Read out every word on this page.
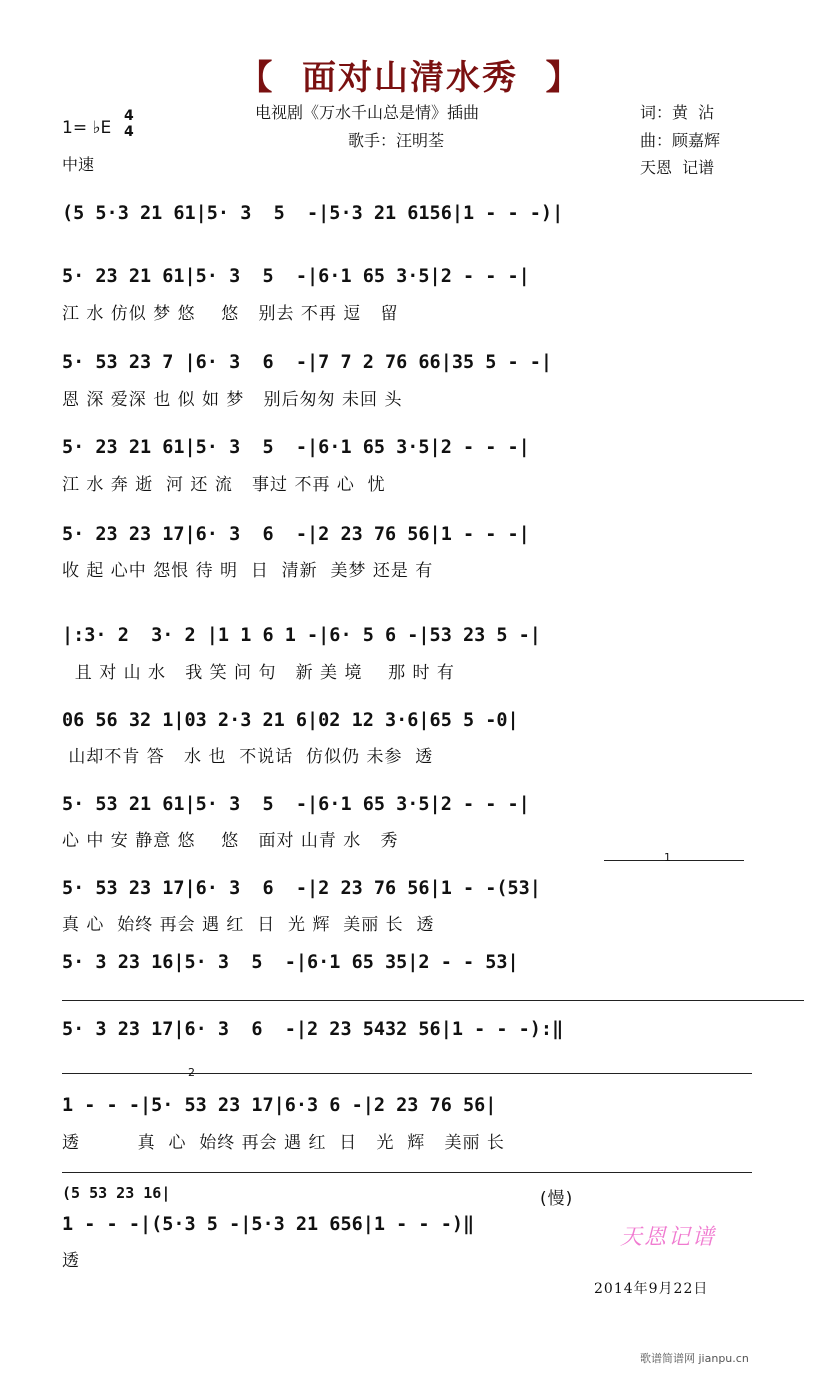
【  面对山清水秀  】
电视剧《万水千山总是情》插曲
歌手：汪明荃
词：黄  沾
曲：顾嘉辉
天恩  记谱
1= ♭E
4
4
中速
(5 5·3 21 61|5· 3  5  -|5·3 21 6156|1 - - -)|
5· 23 21 61|5· 3  5  -|6·1 65 3·5|2 - - -|
江 水 仿似 梦 悠    悠   别去 不再 逗   留
5· 53 23 7 |6· 3  6  -|7 7 2 76 66|35 5 - -|
恩 深 爱深 也 似 如 梦   别后匆匆 未回 头
5· 23 21 61|5· 3  5  -|6·1 65 3·5|2 - - -|
江 水 奔 逝  河 还 流   事过 不再 心  忧
5· 23 23 17|6· 3  6  -|2 23 76 56|1 - - -|
收 起 心中 怨恨 待 明  日  清新  美梦 还是 有
|:3· 2  3· 2 |1 1 6 1 -|6· 5 6 -|53 23 5 -|
且 对 山 水   我 笑 问 句   新 美 境    那 时 有
06 56 32 1|03 2·3 21 6|02 12 3·6|65 5 -0|
山却不肯 答   水 也  不说话  仿似仍 未参  透
5· 53 21 61|5· 3  5  -|6·1 65 3·5|2 - - -|
心 中 安 静意 悠    悠   面对 山青 水   秀
1
5· 53 23 17|6· 3  6  -|2 23 76 56|1 - -(53|
真 心  始终 再会 遇 红  日  光 辉  美丽 长  透
5· 3 23 16|5· 3  5  -|6·1 65 35|2 - - 53|
5· 3 23 17|6· 3  6  -|2 23 5432 56|1 - - -):‖
2
1 - - -|5· 53 23 17|6·3 6 -|2 23 76 56|
透         真  心  始终 再会 遇 红  日   光  辉   美丽 长
(5 53 23 16|	(慢)
1 - - -|(5·3 5 -|5·3 21 656|1 - - -)‖
透
天恩记谱
2014年9月22日
歌谱简谱网 jianpu.cn
